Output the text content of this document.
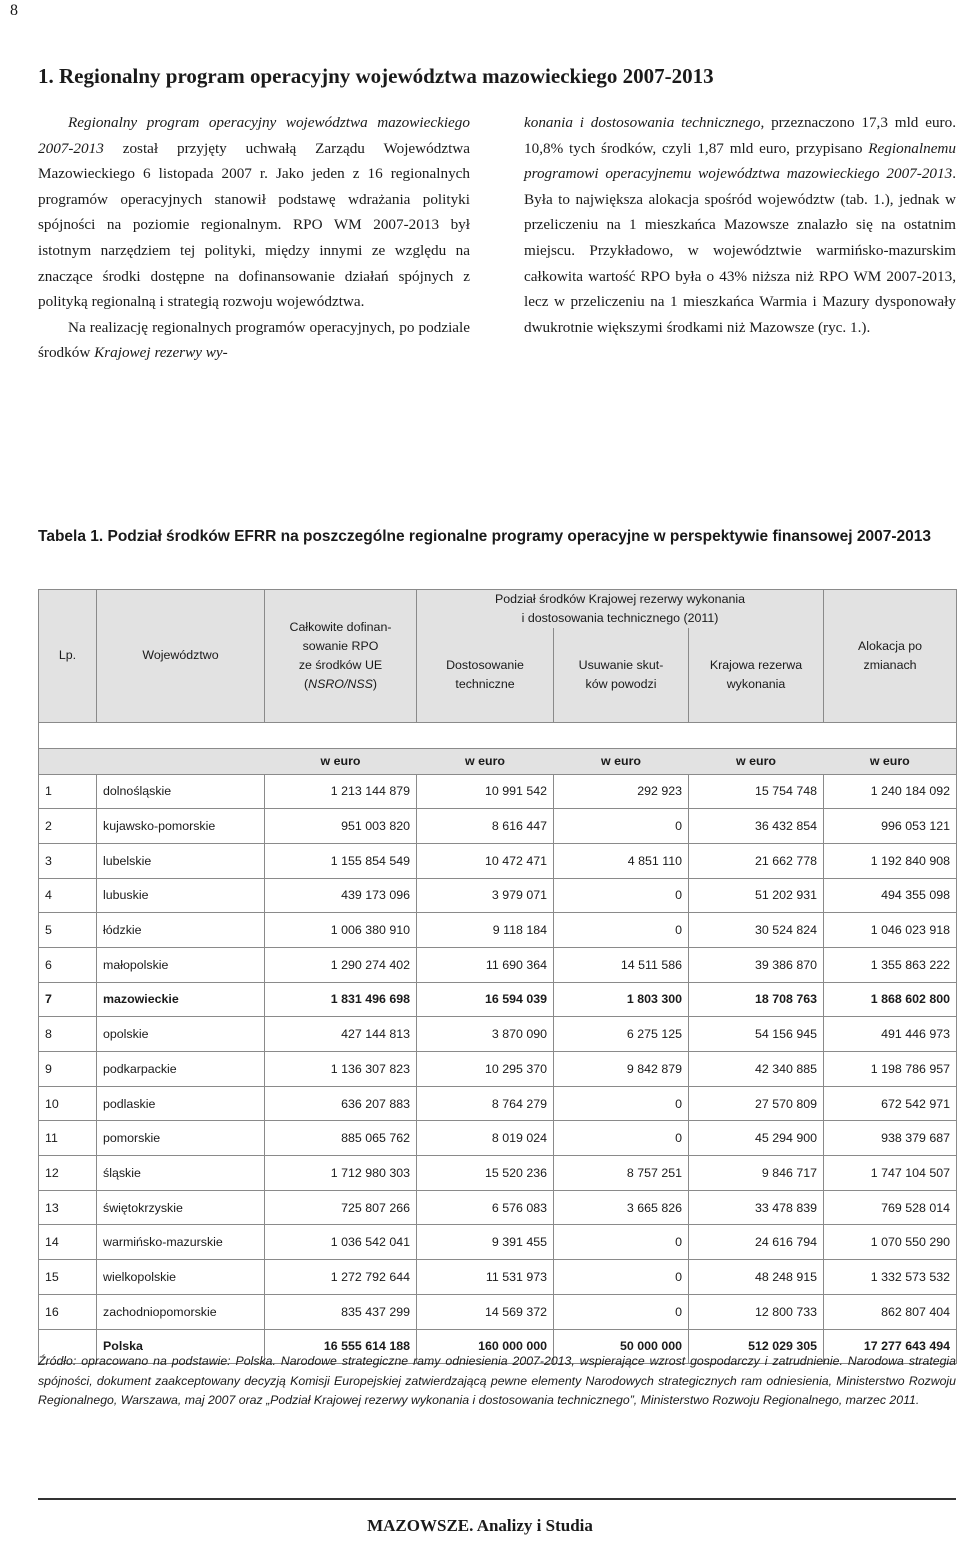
8
1. Regionalny program operacyjny województwa mazowieckiego 2007-2013

Regionalny program operacyjny województwa mazowieckiego 2007-2013 został przyjęty uchwałą Zarządu Województwa Mazowieckiego 6 listopada 2007 r. Jako jeden z 16 regionalnych programów operacyjnych stanowił podstawę wdrażania polityki spójności na poziomie regionalnym. RPO WM 2007-2013 był istotnym narzędziem tej polityki, między innymi ze względu na znaczące środki dostępne na dofinansowanie działań spójnych z polityką regionalną i strategią rozwoju województwa.

Na realizację regionalnych programów operacyjnych, po podziale środków Krajowej rezerwy wy-

konania i dostosowania technicznego, przeznaczono 17,3 mld euro. 10,8% tych środków, czyli 1,87 mld euro, przypisano Regionalnemu programowi operacyjnemu województwa mazowieckiego 2007-2013. Była to największa alokacja spośród województw (tab. 1.), jednak w przeliczeniu na 1 mieszkańca Mazowsze znalazło się na ostatnim miejscu. Przykładowo, w województwie warmińsko-mazurskim całkowita wartość RPO była o 43% niższa niż RPO WM 2007-2013, lecz w przeliczeniu na 1 mieszkańca Warmia i Mazury dysponowały dwukrotnie większymi środkami niż Mazowsze (ryc. 1.).

Tabela 1. Podział środków EFRR na poszczególne regionalne programy operacyjne w perspektywie finansowej 2007-2013

Lp.	Województwo	Całkowite dofinan-
sowanie RPO
ze środków UE
(NSRO/NSS)	Podział środków Krajowej rezerwy wykonania
i dostosowania technicznego (2011)			Alokacja po
zmianach
			Dostosowanie
techniczne	Usuwanie skut-
ków powodzi	Krajowa rezerwa
wykonania	

		w euro	w euro	w euro	w euro	w euro
1	dolnośląskie	1 213 144 879	10 991 542	292 923	15 754 748	1 240 184 092
2	kujawsko-pomorskie	951 003 820	8 616 447	0	36 432 854	996 053 121
3	lubelskie	1 155 854 549	10 472 471	4 851 110	21 662 778	1 192 840 908
4	lubuskie	439 173 096	3 979 071	0	51 202 931	494 355 098
5	łódzkie	1 006 380 910	9 118 184	0	30 524 824	1 046 023 918
6	małopolskie	1 290 274 402	11 690 364	14 511 586	39 386 870	1 355 863 222
7	mazowieckie	1 831 496 698	16 594 039	1 803 300	18 708 763	1 868 602 800
8	opolskie	427 144 813	3 870 090	6 275 125	54 156 945	491 446 973
9	podkarpackie	1 136 307 823	10 295 370	9 842 879	42 340 885	1 198 786 957
10	podlaskie	636 207 883	8 764 279	0	27 570 809	672 542 971
11	pomorskie	885 065 762	8 019 024	0	45 294 900	938 379 687
12	śląskie	1 712 980 303	15 520 236	8 757 251	9 846 717	1 747 104 507
13	świętokrzyskie	725 807 266	6 576 083	3 665 826	33 478 839	769 528 014
14	warmińsko-mazurskie	1 036 542 041	9 391 455	0	24 616 794	1 070 550 290
15	wielkopolskie	1 272 792 644	11 531 973	0	48 248 915	1 332 573 532
16	zachodniopomorskie	835 437 299	14 569 372	0	12 800 733	862 807 404
	Polska	16 555 614 188	160 000 000	50 000 000	512 029 305	17 277 643 494

Źródło: opracowano na podstawie: Polska. Narodowe strategiczne ramy odniesienia 2007-2013, wspierające wzrost gospodarczy i zatrudnienie. Narodowa strategia spójności, dokument zaakceptowany decyzją Komisji Europejskiej zatwierdzającą pewne elementy Narodowych strategicznych ram odniesienia, Ministerstwo Rozwoju Regionalnego, Warszawa, maj 2007 oraz „Podział Krajowej rezerwy wykonania i dostosowania technicznego”, Ministerstwo Rozwoju Regionalnego, marzec 2011.

MAZOWSZE. Analizy i Studia
